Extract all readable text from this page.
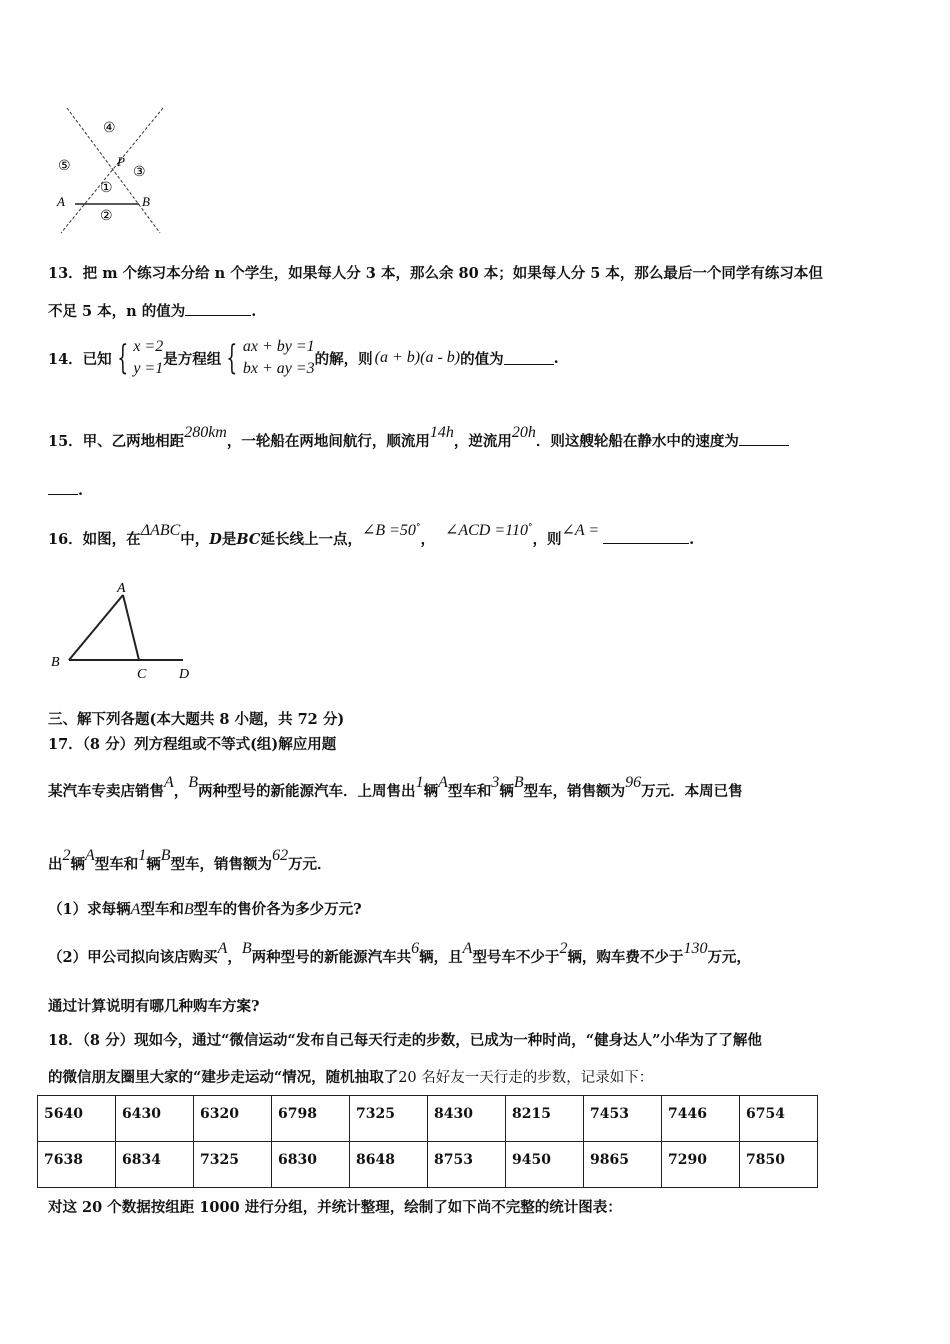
④
⑤	③
①
②
P
A	B
13．把 m 个练习本分给 n 个学生，如果每人分 3 本，那么余 80 本；如果每人分 5 本，那么最后一个同学有练习本但
不足 5 本，n 的值为	.
14．已知 { x =2
y =1
是方程组 { ax + by =1
bx + ay =3
的解，则 (a + b)(a - b) 的值为	.
15．甲、乙两地相距280km，一轮船在两地间航行，顺流用14h，逆流用20h．则这艘轮船在静水中的速度为
.
16．如图，在ΔABC中，D是BC延长线上一点，∠B =50°，∠ACD =110°，则∠A =.
A
B
C D
三、解下列各题(本大题共 8 小题，共 72 分)
17．（8 分）列方程组或不等式(组)解应用题
某汽车专卖店销售A，B两种型号的新能源汽车．上周售出1辆A型车和3辆B型车，销售额为96万元．本周已售
出2辆A型车和1辆B型车，销售额为62万元．
（1）求每辆A型车和B型车的售价各为多少万元?
（2）甲公司拟向该店购买A，B两种型号的新能源汽车共6辆，且A型号车不少于2辆，购车费不少于130万元，
通过计算说明有哪几种购车方案?
18．（8 分）现如今，通过“微信运动“发布自己每天行走的步数，已成为一种时尚，“健身达人”小华为了了解他
的微信朋友圈里大家的“建步走运动“情况，随机抽取了20 名好友一天行走的步数，记录如下：
5640	6430	6320	6798	7325	8430	8215	7453	7446	6754
7638	6834	7325	6830	8648	8753	9450	9865	7290	7850
对这 20 个数据按组距 1000 进行分组，并统计整理，绘制了如下尚不完整的统计图表：
